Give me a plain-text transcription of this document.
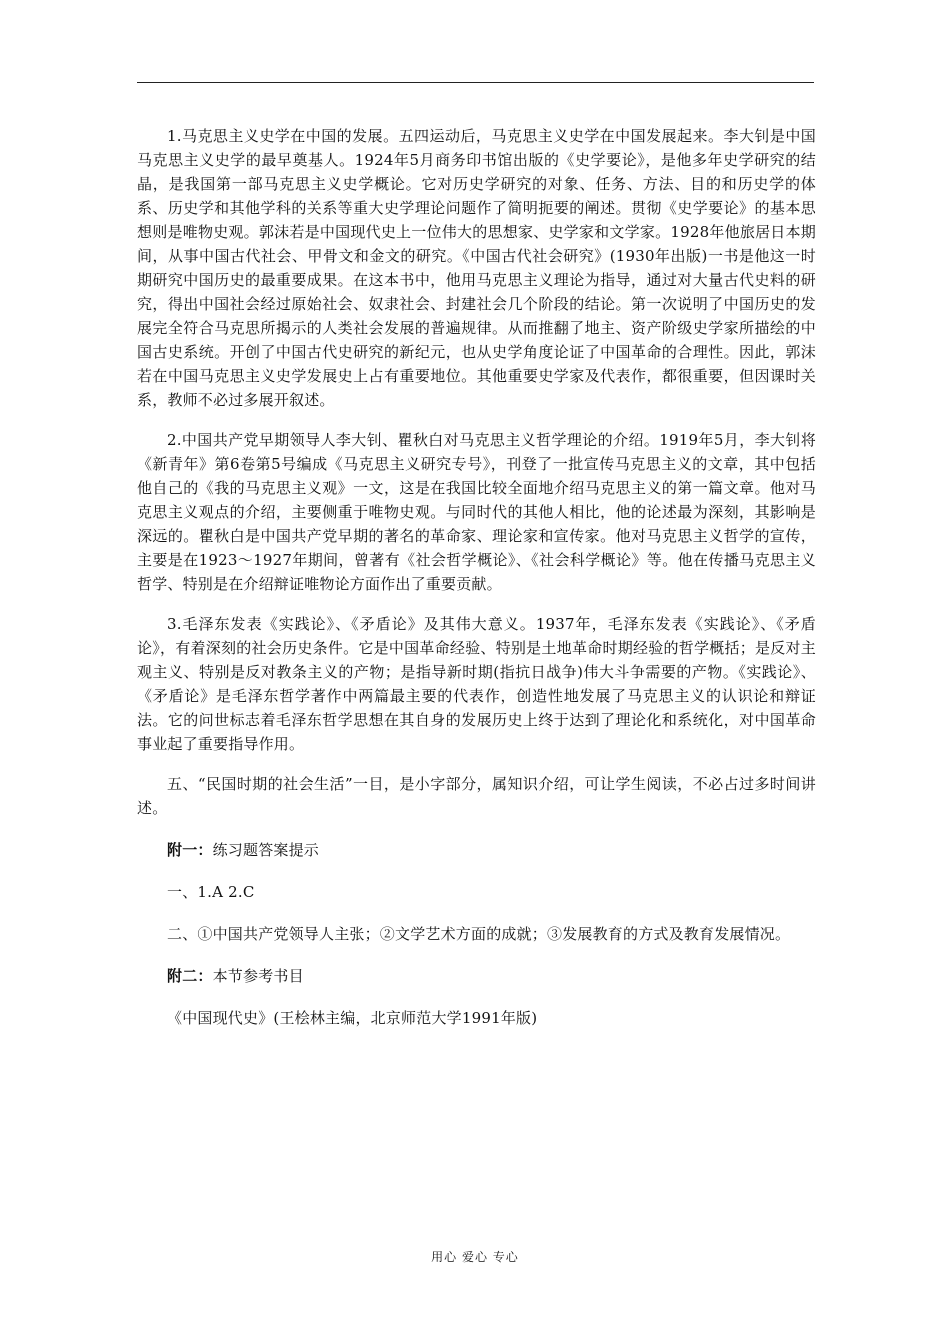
1.马克思主义史学在中国的发展。五四运动后，马克思主义史学在中国发展起来。李大钊是中国马克思主义史学的最早奠基人。1924年5月商务印书馆出版的《史学要论》，是他多年史学研究的结晶，是我国第一部马克思主义史学概论。它对历史学研究的对象、任务、方法、目的和历史学的体系、历史学和其他学科的关系等重大史学理论问题作了简明扼要的阐述。贯彻《史学要论》的基本思想则是唯物史观。郭沫若是中国现代史上一位伟大的思想家、史学家和文学家。1928年他旅居日本期间，从事中国古代社会、甲骨文和金文的研究。《中国古代社会研究》(1930年出版)一书是他这一时期研究中国历史的最重要成果。在这本书中，他用马克思主义理论为指导，通过对大量古代史料的研究，得出中国社会经过原始社会、奴隶社会、封建社会几个阶段的结论。第一次说明了中国历史的发展完全符合马克思所揭示的人类社会发展的普遍规律。从而推翻了地主、资产阶级史学家所描绘的中国古史系统。开创了中国古代史研究的新纪元，也从史学角度论证了中国革命的合理性。因此，郭沫若在中国马克思主义史学发展史上占有重要地位。其他重要史学家及代表作，都很重要，但因课时关系，教师不必过多展开叙述。

2.中国共产党早期领导人李大钊、瞿秋白对马克思主义哲学理论的介绍。1919年5月，李大钊将《新青年》第6卷第5号编成《马克思主义研究专号》，刊登了一批宣传马克思主义的文章，其中包括他自己的《我的马克思主义观》一文，这是在我国比较全面地介绍马克思主义的第一篇文章。他对马克思主义观点的介绍，主要侧重于唯物史观。与同时代的其他人相比，他的论述最为深刻，其影响是深远的。瞿秋白是中国共产党早期的著名的革命家、理论家和宣传家。他对马克思主义哲学的宣传，主要是在1923～1927年期间，曾著有《社会哲学概论》、《社会科学概论》等。他在传播马克思主义哲学、特别是在介绍辩证唯物论方面作出了重要贡献。

3.毛泽东发表《实践论》、《矛盾论》及其伟大意义。1937年，毛泽东发表《实践论》、《矛盾论》，有着深刻的社会历史条件。它是中国革命经验、特别是土地革命时期经验的哲学概括；是反对主观主义、特别是反对教条主义的产物；是指导新时期(指抗日战争)伟大斗争需要的产物。《实践论》、《矛盾论》是毛泽东哲学著作中两篇最主要的代表作，创造性地发展了马克思主义的认识论和辩证法。它的问世标志着毛泽东哲学思想在其自身的发展历史上终于达到了理论化和系统化，对中国革命事业起了重要指导作用。

五、“民国时期的社会生活”一目，是小字部分，属知识介绍，可让学生阅读，不必占过多时间讲述。

附一：练习题答案提示

一、1.A 2.C

二、①中国共产党领导人主张；②文学艺术方面的成就；③发展教育的方式及教育发展情况。

附二：本节参考书目

《中国现代史》(王桧林主编，北京师范大学1991年版)

用心 爱心 专心
